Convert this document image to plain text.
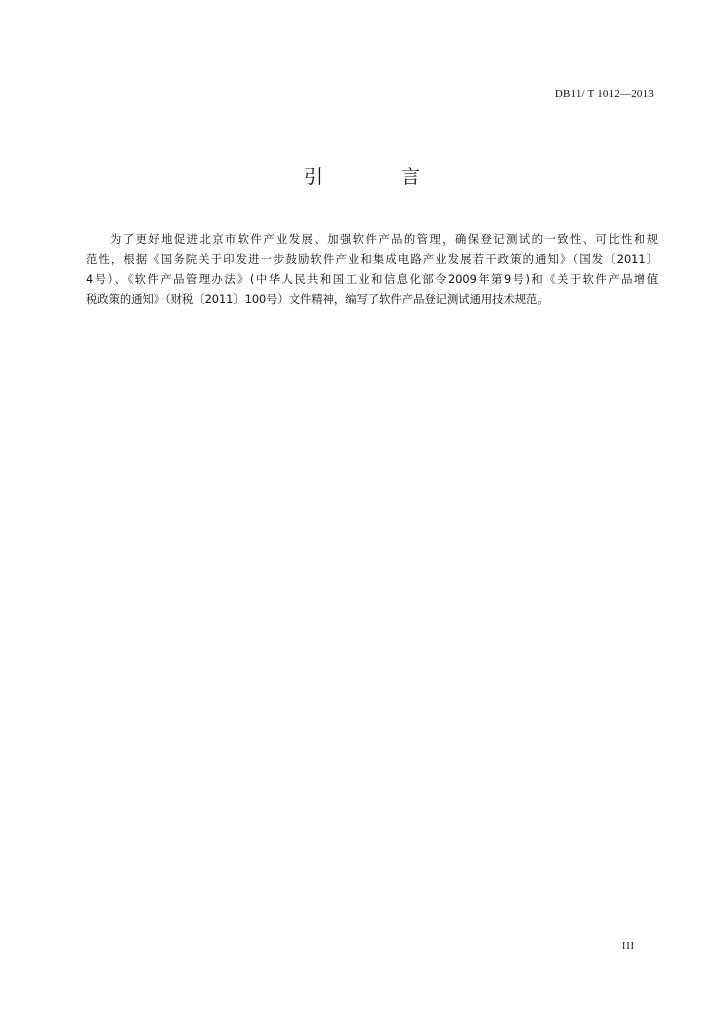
DB11/ T 1012—2013
引 言
为了更好地促进北京市软件产业发展、加强软件产品的管理，确保登记测试的一致性、可比性和规
范性，根据《国务院关于印发进一步鼓励软件产业和集成电路产业发展若干政策的通知》（国发〔2011〕
4号）、《软件产品管理办法》(中华人民共和国工业和信息化部令2009年第9号)和《关于软件产品增值
税政策的通知》（财税〔2011〕100号）文件精神，编写了软件产品登记测试通用技术规范。
III
